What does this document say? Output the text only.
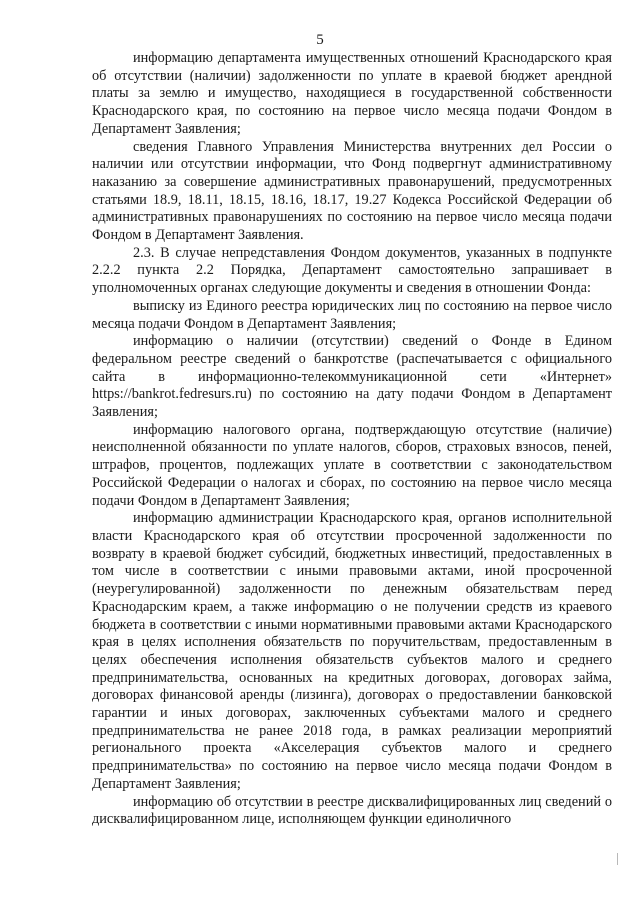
5

информацию департамента имущественных отношений Краснодарского края об отсутствии (наличии) задолженности по уплате в краевой бюджет арендной платы за землю и имущество, находящиеся в государственной собственности Краснодарского края, по состоянию на первое число месяца подачи Фондом в Департамент Заявления;

сведения Главного Управления Министерства внутренних дел России о наличии или отсутствии информации, что Фонд подвергнут административному наказанию за совершение административных правонарушений, предусмотренных статьями 18.9, 18.11, 18.15, 18.16, 18.17, 19.27 Кодекса Российской Федерации об административных правонарушениях по состоянию на первое число месяца подачи Фондом в Департамент Заявления.

2.3. В случае непредставления Фондом документов, указанных в подпункте 2.2.2 пункта 2.2 Порядка, Департамент самостоятельно запрашивает в уполномоченных органах следующие документы и сведения в отношении Фонда:

выписку из Единого реестра юридических лиц по состоянию на первое число месяца подачи Фондом в Департамент Заявления;

информацию о наличии (отсутствии) сведений о Фонде в Едином федеральном реестре сведений о банкротстве (распечатывается с официального сайта в информационно-телекоммуникационной сети «Интернет» https://bankrot.fedresurs.ru) по состоянию на дату подачи Фондом в Департамент Заявления;

информацию налогового органа, подтверждающую отсутствие (наличие) неисполненной обязанности по уплате налогов, сборов, страховых взносов, пеней, штрафов, процентов, подлежащих уплате в соответствии с законодательством Российской Федерации о налогах и сборах, по состоянию на первое число месяца подачи Фондом в Департамент Заявления;

информацию администрации Краснодарского края, органов исполнительной власти Краснодарского края об отсутствии просроченной задолженности по возврату в краевой бюджет субсидий, бюджетных инвестиций, предоставленных в том числе в соответствии с иными правовыми актами, иной просроченной (неурегулированной) задолженности по денежным обязательствам перед Краснодарским краем, а также информацию о не получении средств из краевого бюджета в соответствии с иными нормативными правовыми актами Краснодарского края в целях исполнения обязательств по поручительствам, предоставленным в целях обеспечения исполнения обязательств субъектов малого и среднего предпринимательства, основанных на кредитных договорах, договорах займа, договорах финансовой аренды (лизинга), договорах о предоставлении банковской гарантии и иных договорах, заключенных субъектами малого и среднего предпринимательства не ранее 2018 года, в рамках реализации мероприятий регионального проекта «Акселерация субъектов малого и среднего предпринимательства» по состоянию на первое число месяца подачи Фондом в Департамент Заявления;

информацию об отсутствии в реестре дисквалифицированных лиц сведений о дисквалифицированном лице, исполняющем функции единоличного
